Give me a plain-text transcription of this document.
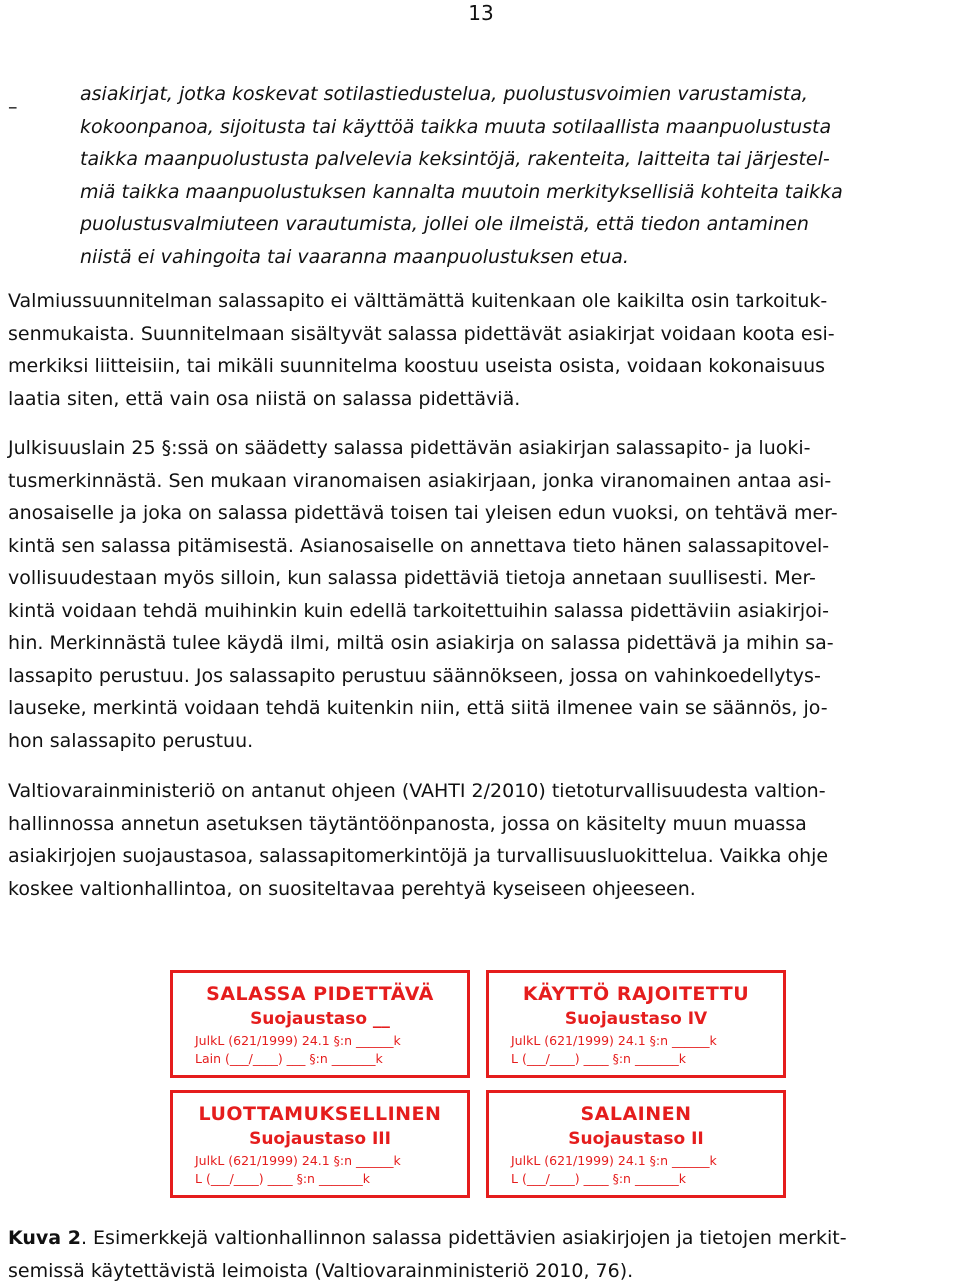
13
–
asiakirjat, jotka koskevat sotilastiedustelua, puolustusvoimien varustamista,
kokoonpanoa, sijoitusta tai käyttöä taikka muuta sotilaallista maanpuolustusta
taikka maanpuolustusta palvelevia keksintöjä, rakenteita, laitteita tai järjestel-
miä taikka maanpuolustuksen kannalta muutoin merkityksellisiä kohteita taikka
puolustusvalmiuteen varautumista, jollei ole ilmeistä, että tiedon antaminen
niistä ei vahingoita tai vaaranna maanpuolustuksen etua.
Valmiussuunnitelman salassapito ei välttämättä kuitenkaan ole kaikilta osin tarkoituk-
senmukaista. Suunnitelmaan sisältyvät salassa pidettävät asiakirjat voidaan koota esi-
merkiksi liitteisiin, tai mikäli suunnitelma koostuu useista osista, voidaan kokonaisuus
laatia siten, että vain osa niistä on salassa pidettäviä.
Julkisuuslain 25 §:ssä on säädetty salassa pidettävän asiakirjan salassapito- ja luoki-
tusmerkinnästä. Sen mukaan viranomaisen asiakirjaan, jonka viranomainen antaa asi-
anosaiselle ja joka on salassa pidettävä toisen tai yleisen edun vuoksi, on tehtävä mer-
kintä sen salassa pitämisestä. Asianosaiselle on annettava tieto hänen salassapitovel-
vollisuudestaan myös silloin, kun salassa pidettäviä tietoja annetaan suullisesti. Mer-
kintä voidaan tehdä muihinkin kuin edellä tarkoitettuihin salassa pidettäviin asiakirjoi-
hin. Merkinnästä tulee käydä ilmi, miltä osin asiakirja on salassa pidettävä ja mihin sa-
lassapito perustuu. Jos salassapito perustuu säännökseen, jossa on vahinkoedellytys-
lauseke, merkintä voidaan tehdä kuitenkin niin, että siitä ilmenee vain se säännös, jo-
hon salassapito perustuu.
Valtiovarainministeriö on antanut ohjeen (VAHTI 2/2010) tietoturvallisuudesta valtion-
hallinnossa annetun asetuksen täytäntöönpanosta, jossa on käsitelty muun muassa
asiakirjojen suojaustasoa, salassapitomerkintöjä ja turvallisuusluokittelua. Vaikka ohje
koskee valtionhallintoa, on suositeltavaa perehtyä kyseiseen ohjeeseen.
SALASSA PIDETTÄVÄ
Suojaustaso __
JulkL (621/1999) 24.1 §:n ______k
Lain (___/____) ___ §:n _______k
KÄYTTÖ RAJOITETTU
Suojaustaso IV
JulkL (621/1999) 24.1 §:n ______k
L (___/____) ____ §:n _______k
LUOTTAMUKSELLINEN
Suojaustaso III
JulkL (621/1999) 24.1 §:n ______k
L (___/____) ____ §:n _______k
SALAINEN
Suojaustaso II
JulkL (621/1999) 24.1 §:n ______k
L (___/____) ____ §:n _______k
Kuva 2. Esimerkkejä valtionhallinnon salassa pidettävien asiakirjojen ja tietojen merkit-
semissä käytettävistä leimoista (Valtiovarainministeriö 2010, 76).
